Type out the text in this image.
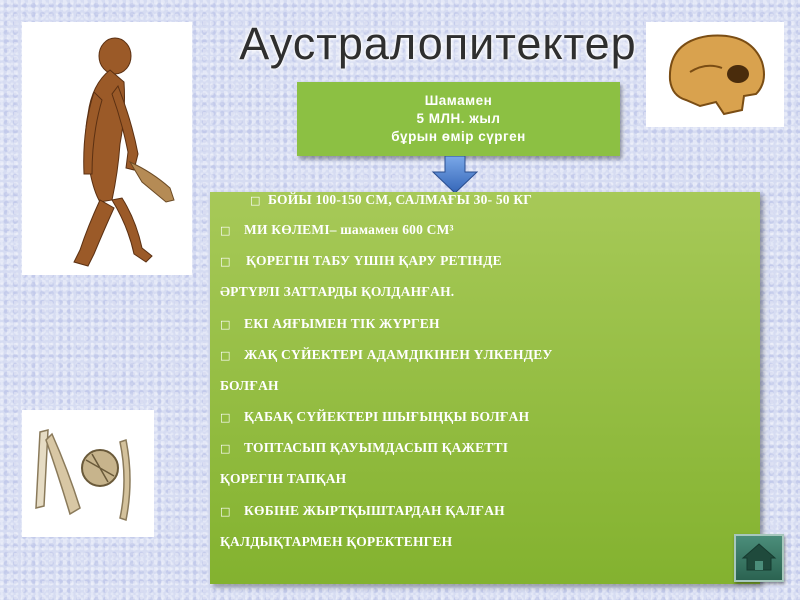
Аустралопитектер
Шамамен
5 МЛН. жыл
бұрын өмір сүрген
□ БОЙЫ 100-150 СМ, САЛМАҒЫ 30- 50 КГ
□ МИ КӨЛЕМІ– шамамен 600 СМ³
□ ҚОРЕГІН ТАБУ ҮШІН ҚАРУ РЕТІНДЕ
ӘРТҮРЛІ ЗАТТАРДЫ ҚОЛДАНҒАН.
□ ЕКІ АЯҒЫМЕН ТІК ЖҮРГЕН
□ ЖАҚ СҮЙЕКТЕРІ АДАМДІКІНЕН ҮЛКЕНДЕУ
БОЛҒАН
□ ҚАБАҚ СҮЙЕКТЕРІ ШЫҒЫҢҚЫ БОЛҒАН
□ ТОПТАСЫП ҚАУЫМДАСЫП ҚАЖЕТТІ
ҚОРЕГІН ТАПҚАН
□ КӨБІНЕ ЖЫРТҚЫШТАРДАН ҚАЛҒАН
ҚАЛДЫҚТАРМЕН ҚОРЕКТЕНГЕН
